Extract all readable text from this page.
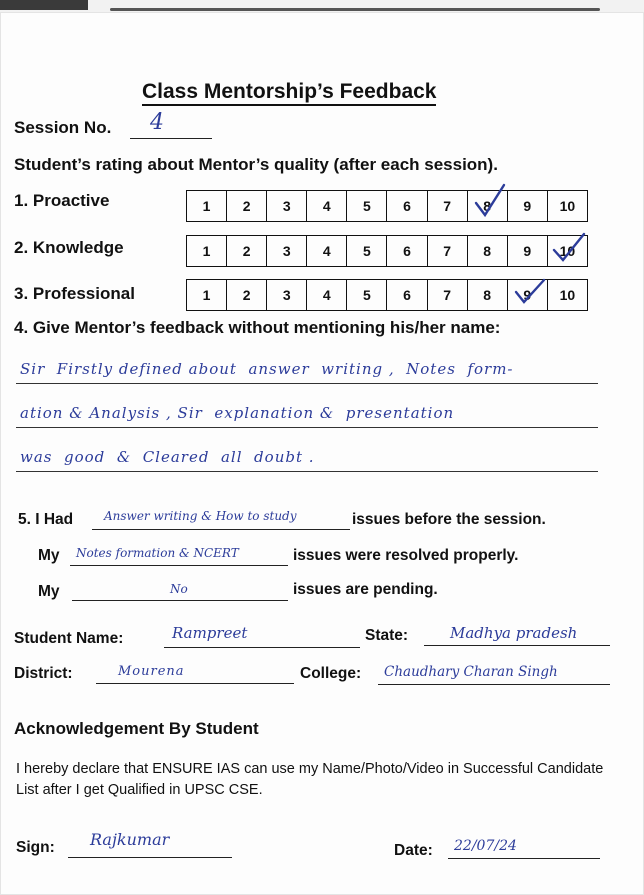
Class Mentorship’s Feedback
Session No. 4
Student’s rating about Mentor’s quality (after each session).
1. Proactive	1 2 3 4 5 6 7 8 9 10
2. Knowledge	1 2 3 4 5 6 7 8 9 10
3. Professional	1 2 3 4 5 6 7 8 9 10
4. Give Mentor’s feedback without mentioning his/her name:
Sir  Firstly defined about  answer  writing ,  Notes  form-
ation & Analysis , Sir  explanation &  presentation
was  good  &  Cleared  all  doubt .
5. I Had	Answer writing & How to study	issues before the session.
My Notes formation & NCERT	issues were resolved properly.
My	No	issues are pending.
Student Name:	Rampreet	State:	Madhya pradesh
District:	Mourena	College: Chaudhary Charan Singh
Acknowledgement By Student
I hereby declare that ENSURE IAS can use my Name/Photo/Video in Successful Candidate List after I get Qualified in UPSC CSE.
Sign: Rajkumar
Date: 22/07/24
